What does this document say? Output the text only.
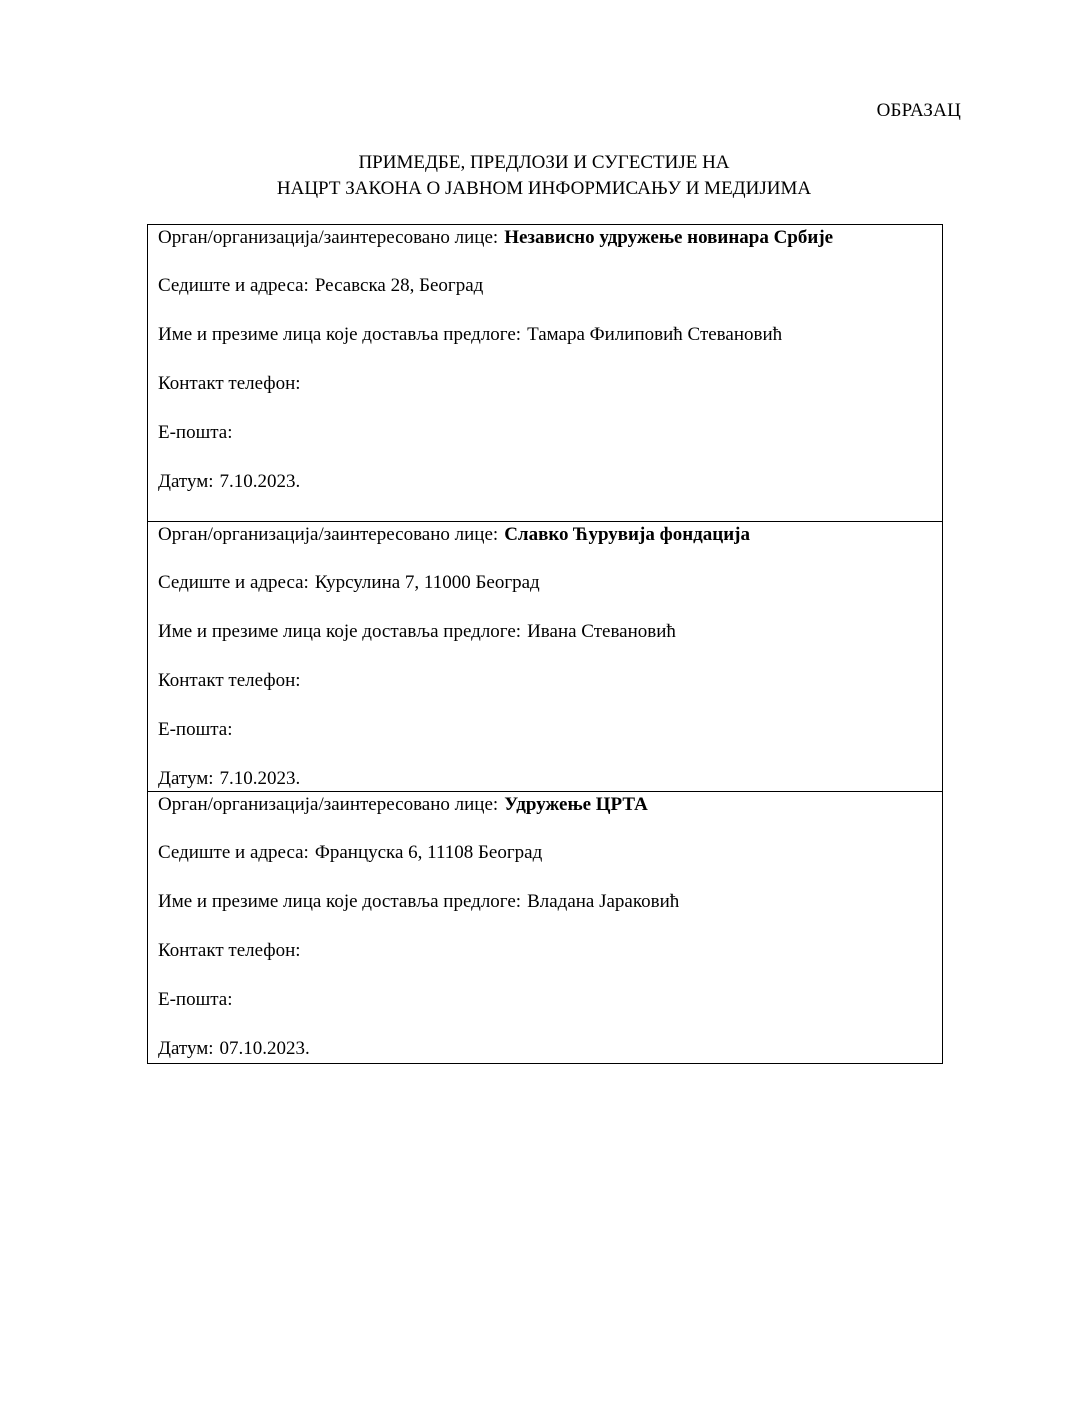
ОБРАЗАЦ
ПРИМЕДБЕ, ПРЕДЛОЗИ И СУГЕСТИЈЕ НА
НАЦРТ ЗАКОНА О ЈАВНОМ ИНФОРМИСАЊУ И МЕДИЈИМА
Орган/организација/заинтересовано лице: Независно удружење новинара Србије
Седиште и адреса: Ресавска 28, Београд
Име и презиме лица које доставља предлоге: Тамара Филиповић Стевановић
Контакт телефон:
Е-пошта:
Датум: 7.10.2023.
Орган/организација/заинтересовано лице: Славко Ћурувија фондација
Седиште и адреса: Курсулина 7, 11000 Београд
Име и презиме лица које доставља предлоге: Ивана Стевановић
Контакт телефон:
Е-пошта:
Датум: 7.10.2023.
Орган/организација/заинтересовано лице: Удружење ЦРТА
Седиште и адреса: Француска 6, 11108 Београд
Име и презиме лица које доставља предлоге: Владана Јараковић
Контакт телефон:
Е-пошта:
Датум: 07.10.2023.
